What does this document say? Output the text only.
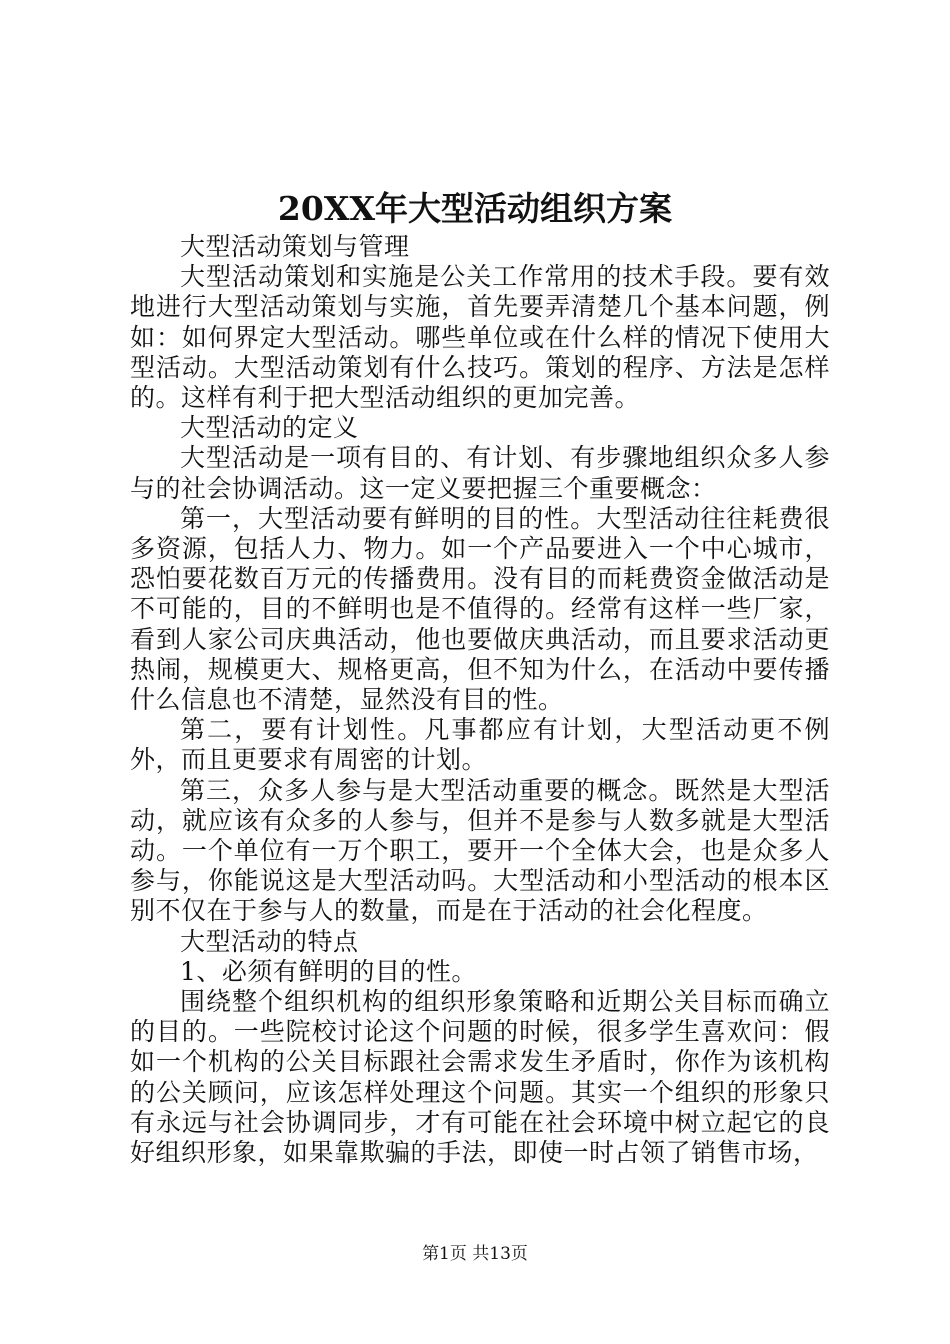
20XX年大型活动组织方案

大型活动策划与管理

大型活动策划和实施是公关工作常用的技术手段。要有效地进行大型活动策划与实施，首先要弄清楚几个基本问题，例如：如何界定大型活动。哪些单位或在什么样的情况下使用大型活动。大型活动策划有什么技巧。策划的程序、方法是怎样的。这样有利于把大型活动组织的更加完善。

大型活动的定义

大型活动是一项有目的、有计划、有步骤地组织众多人参与的社会协调活动。这一定义要把握三个重要概念：

第一，大型活动要有鲜明的目的性。大型活动往往耗费很多资源，包括人力、物力。如一个产品要进入一个中心城市，恐怕要花数百万元的传播费用。没有目的而耗费资金做活动是不可能的，目的不鲜明也是不值得的。经常有这样一些厂家，看到人家公司庆典活动，他也要做庆典活动，而且要求活动更热闹，规模更大、规格更高，但不知为什么，在活动中要传播什么信息也不清楚，显然没有目的性。

第二，要有计划性。凡事都应有计划，大型活动更不例外，而且更要求有周密的计划。

第三，众多人参与是大型活动重要的概念。既然是大型活动，就应该有众多的人参与，但并不是参与人数多就是大型活动。一个单位有一万个职工，要开一个全体大会，也是众多人参与，你能说这是大型活动吗。大型活动和小型活动的根本区别不仅在于参与人的数量，而是在于活动的社会化程度。

大型活动的特点

1、必须有鲜明的目的性。

围绕整个组织机构的组织形象策略和近期公关目标而确立的目的。一些院校讨论这个问题的时候，很多学生喜欢问：假如一个机构的公关目标跟社会需求发生矛盾时，你作为该机构的公关顾问，应该怎样处理这个问题。其实一个组织的形象只有永远与社会协调同步，才有可能在社会环境中树立起它的良好组织形象，如果靠欺骗的手法，即使一时占领了销售市场，

第1页 共13页
